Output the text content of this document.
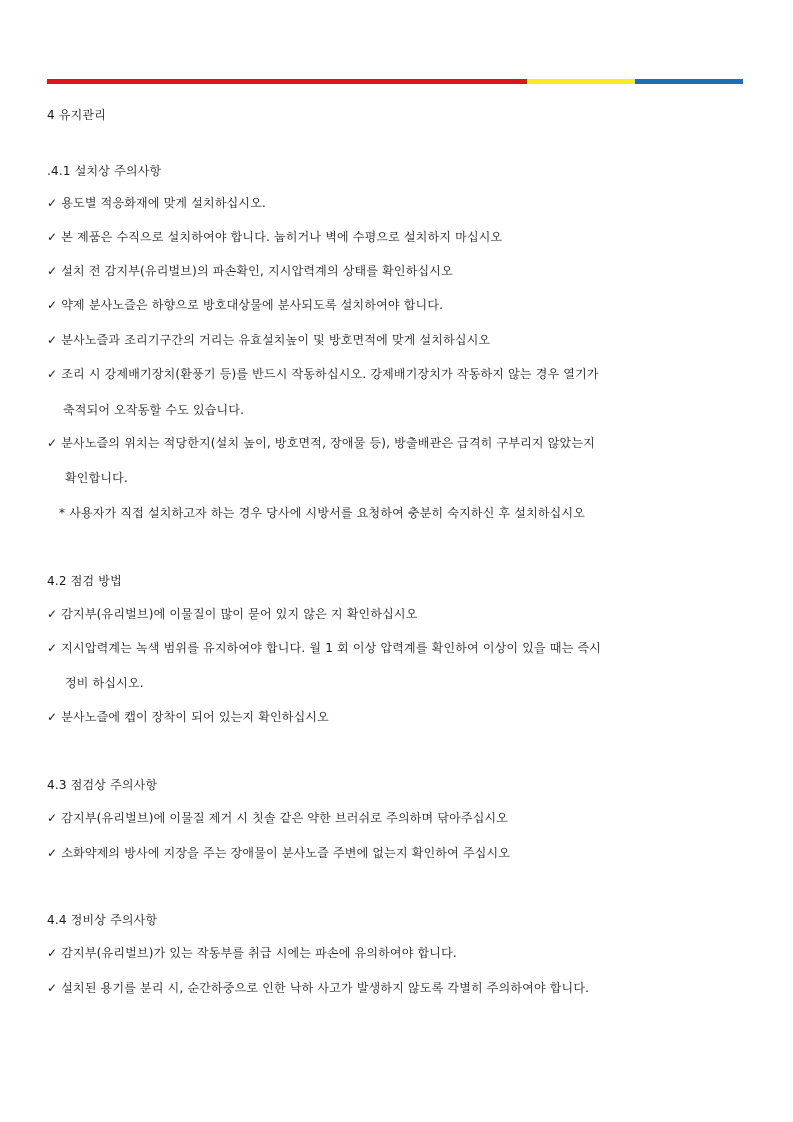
4 유지관리
.4.1 설치상 주의사항
✓ 용도별 적응화재에 맞게 설치하십시오.
✓ 본 제품은 수직으로 설치하여야 합니다. 눕히거나 벽에 수평으로 설치하지 마십시오
✓ 설치 전 감지부(유리벌브)의 파손확인, 지시압력계의 상태를 확인하십시오
✓ 약제 분사노즐은 하향으로 방호대상물에 분사되도록 설치하여야 합니다.
✓ 분사노즐과 조리기구간의 거리는 유효설치높이 및 방호면적에 맞게 설치하십시오
✓ 조리 시 강제배기장치(환풍기 등)를 반드시 작동하십시오. 강제배기장치가 작동하지 않는 경우 열기가
축적되어 오작동할 수도 있습니다.
✓ 분사노즐의 위치는 적당한지(설치 높이, 방호면적, 장애물 등), 방출배관은 급격히 구부리지 않았는지
확인합니다.
* 사용자가 직접 설치하고자 하는 경우 당사에 시방서를 요청하여 충분히 숙지하신 후 설치하십시오
4.2 점검 방법
✓ 감지부(유리벌브)에 이물질이 많이 묻어 있지 않은 지 확인하십시오
✓ 지시압력계는 녹색 범위를 유지하여야 합니다. 월 1 회 이상 압력계를 확인하여 이상이 있을 때는 즉시
정비 하십시오.
✓ 분사노즐에 캡이 장착이 되어 있는지 확인하십시오
4.3 점검상 주의사항
✓ 감지부(유리벌브)에 이물질 제거 시 칫솔 같은 약한 브러쉬로 주의하며 닦아주십시오
✓ 소화약제의 방사에 지장을 주는 장애물이 분사노즐 주변에 없는지 확인하여 주십시오
4.4 정비상 주의사항
✓ 감지부(유리벌브)가 있는 작동부를 취급 시에는 파손에 유의하여야 합니다.
✓ 설치된 용기를 분리 시, 순간하중으로 인한 낙하 사고가 발생하지 않도록 각별히 주의하여야 합니다.
